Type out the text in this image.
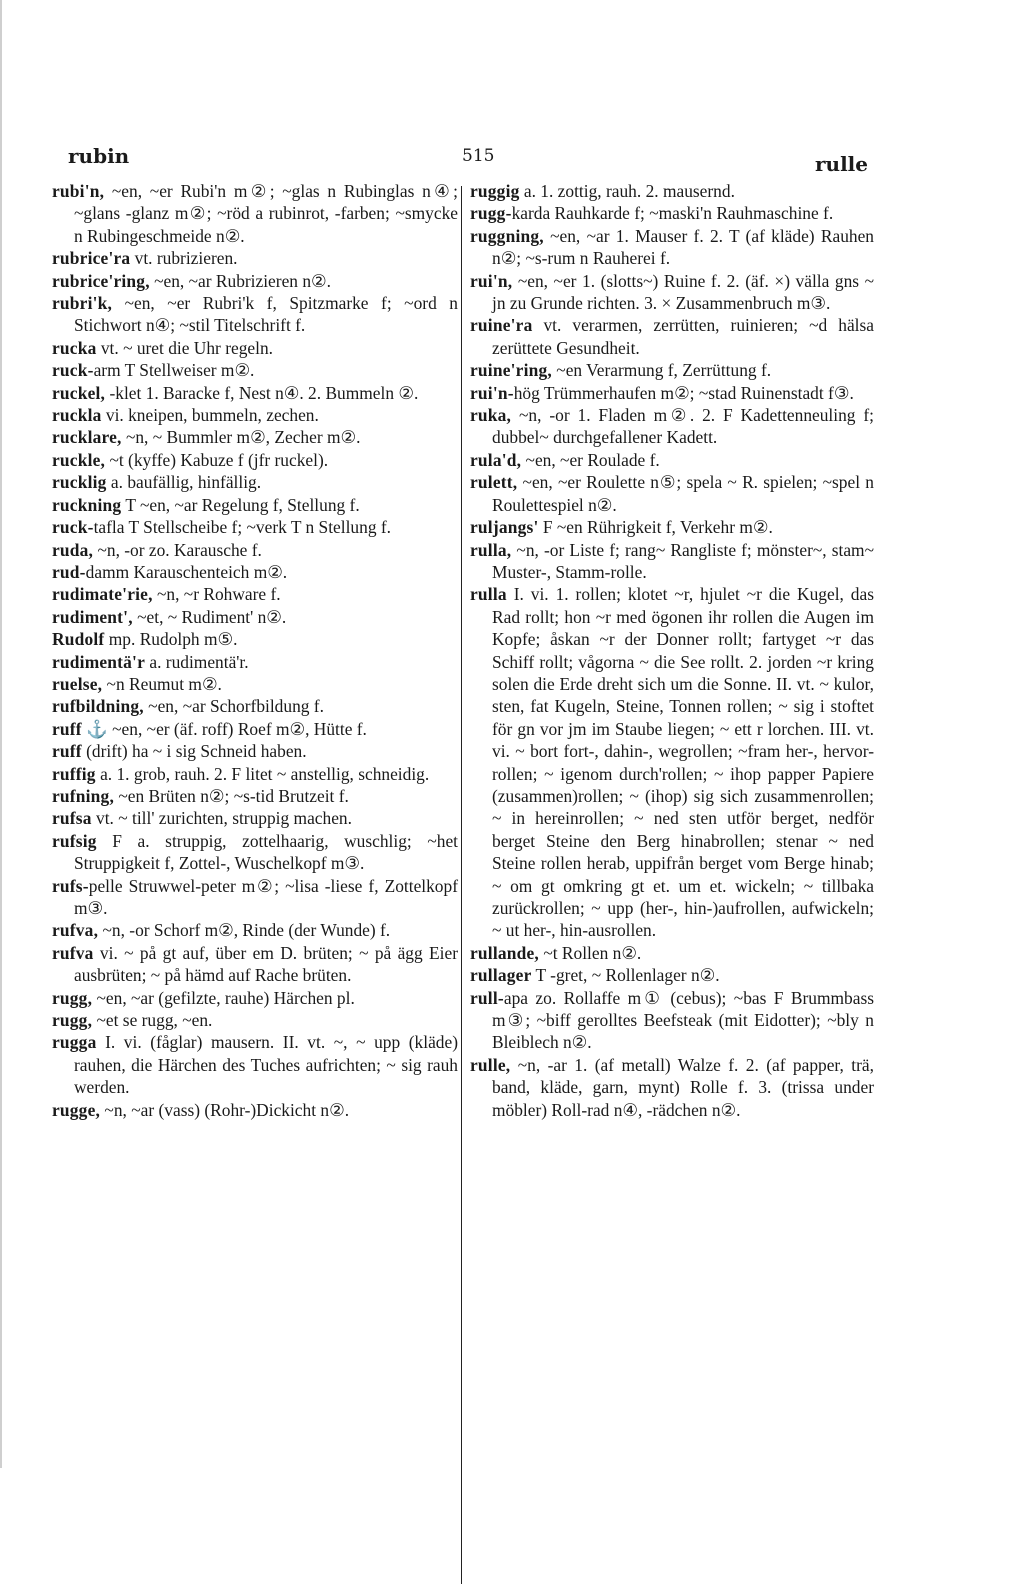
rubin	515	rulle

rubi'n, ~en, ~er Rubi'n m②; ~glas n Rubinglas n④; ~glans -glanz m②; ~röd a rubinrot, -farben; ~smycke n Rubingeschmeide n②.

rubrice'ra vt. rubrizieren.

rubrice'ring, ~en, ~ar Rubrizieren n②.

rubri'k, ~en, ~er Rubri'k f, Spitzmarke f; ~ord n Stichwort n④; ~stil Titelschrift f.

rucka vt. ~ uret die Uhr regeln.

ruck-arm T Stellweiser m②.

ruckel, -klet 1. Baracke f, Nest n④. 2. Bummeln ②.

ruckla vi. kneipen, bummeln, zechen.

rucklare, ~n, ~ Bummler m②, Zecher m②.

ruckle, ~t (kyffe) Kabuze f (jfr ruckel).

rucklig a. baufällig, hinfällig.

ruckning T ~en, ~ar Regelung f, Stellung f.

ruck-tafla T Stellscheibe f; ~verk T n Stellung f.

ruda, ~n, -or zo. Karausche f.

rud-damm Karauschenteich m②.

rudimate'rie, ~n, ~r Rohware f.

rudiment', ~et, ~ Rudiment' n②.

Rudolf mp. Rudolph m⑤.

rudimentä'r a. rudimentä'r.

ruelse, ~n Reumut m②.

rufbildning, ~en, ~ar Schorfbildung f.

ruff ⚓ ~en, ~er (äf. roff) Roef m②, Hütte f.

ruff (drift) ha ~ i sig Schneid haben.

ruffig a. 1. grob, rauh. 2. F litet ~ anstellig, schneidig.

rufning, ~en Brüten n②; ~s-tid Brutzeit f.

rufsa vt. ~ till' zurichten, struppig machen.

rufsig F a. struppig, zottelhaarig, wuschlig; ~het Struppigkeit f, Zottel-, Wuschelkopf m③.

rufs-pelle Struwwel-peter m②; ~lisa -liese f, Zottelkopf m③.

rufva, ~n, -or Schorf m②, Rinde (der Wunde) f.

rufva vi. ~ på gt auf, über em D. brüten; ~ på ägg Eier ausbrüten; ~ på hämd auf Rache brüten.

rugg, ~en, ~ar (gefilzte, rauhe) Härchen pl.

rugg, ~et se rugg, ~en.

rugga I. vi. (fåglar) mausern. II. vt. ~, ~ upp (kläde) rauhen, die Härchen des Tuches aufrichten; ~ sig rauh werden.

rugge, ~n, ~ar (vass) (Rohr-)Dickicht n②.

ruggig a. 1. zottig, rauh. 2. mausernd.

rugg-karda Rauhkarde f; ~maski'n Rauhmaschine f.

ruggning, ~en, ~ar 1. Mauser f. 2. T (af kläde) Rauhen n②; ~s-rum n Rauherei f.

rui'n, ~en, ~er 1. (slotts~) Ruine f. 2. (äf. ×) välla gns ~ jn zu Grunde richten. 3. × Zusammenbruch m③.

ruine'ra vt. verarmen, zerrütten, ruinieren; ~d hälsa zerüttete Gesundheit.

ruine'ring, ~en Verarmung f, Zerrüttung f.

rui'n-hög Trümmerhaufen m②; ~stad Ruinenstadt f③.

ruka, ~n, -or 1. Fladen m②. 2. F Kadettenneuling f; dubbel~ durchgefallener Kadett.

rula'd, ~en, ~er Roulade f.

rulett, ~en, ~er Roulette n⑤; spela ~ R. spielen; ~spel n Roulettespiel n②.

ruljangs' F ~en Rührigkeit f, Verkehr m②.

rulla, ~n, -or Liste f; rang~ Rangliste f; mönster~, stam~ Muster-, Stamm-rolle.

rulla I. vi. 1. rollen; klotet ~r, hjulet ~r die Kugel, das Rad rollt; hon ~r med ögonen ihr rollen die Augen im Kopfe; åskan ~r der Donner rollt; fartyget ~r das Schiff rollt; vågorna ~ die See rollt. 2. jorden ~r kring solen die Erde dreht sich um die Sonne. II. vt. ~ kulor, sten, fat Kugeln, Steine, Tonnen rollen; ~ sig i stoftet för gn vor jm im Staube liegen; ~ ett r lorchen. III. vt. vi. ~ bort fort-, dahin-, wegrollen; ~fram her-, hervor-rollen; ~ igenom durch'rollen; ~ ihop papper Papiere (zusammen)rollen; ~ (ihop) sig sich zusammenrollen; ~ in hereinrollen; ~ ned sten utför berget, nedför berget Steine den Berg hinabrollen; stenar ~ ned Steine rollen herab, uppifrån berget vom Berge hinab; ~ om gt omkring gt et. um et. wickeln; ~ tillbaka zurückrollen; ~ upp (her-, hin-)aufrollen, aufwickeln; ~ ut her-, hin-ausrollen.

rullande, ~t Rollen n②.

rullager T -gret, ~ Rollenlager n②.

rull-apa zo. Rollaffe m① (cebus); ~bas F Brummbass m③; ~biff gerolltes Beefsteak (mit Eidotter); ~bly n Bleiblech n②.

rulle, ~n, -ar 1. (af metall) Walze f. 2. (af papper, trä, band, kläde, garn, mynt) Rolle f. 3. (trissa under möbler) Roll-rad n④, -rädchen n②.
